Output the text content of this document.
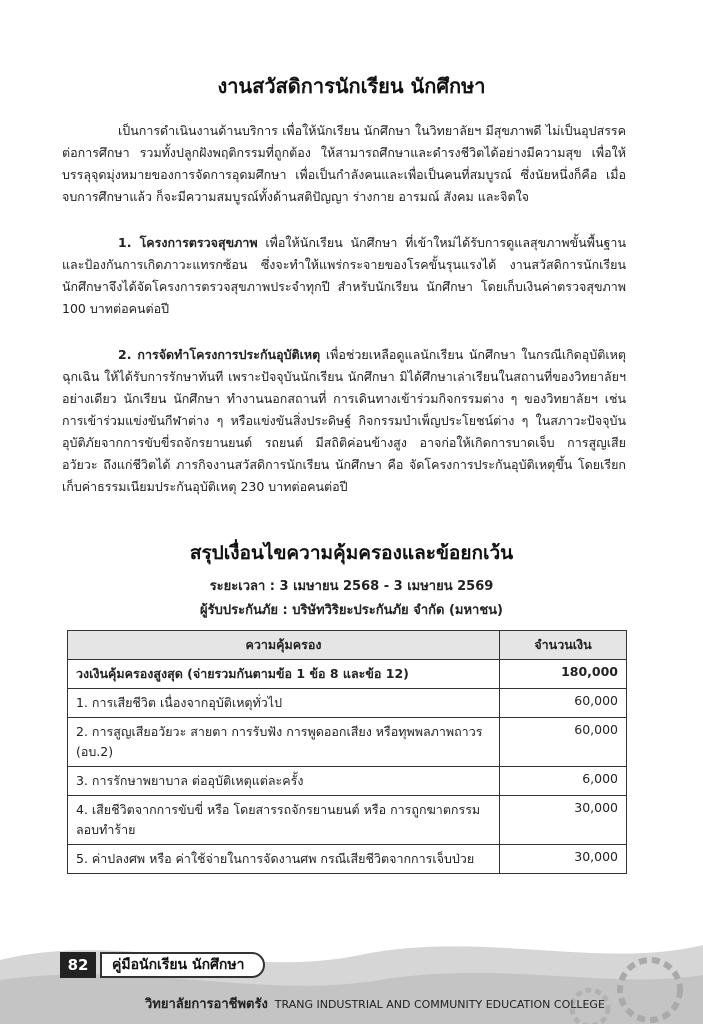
งานสวัสดิการนักเรียน นักศึกษา

เป็นการดำเนินงานด้านบริการ เพื่อให้นักเรียน นักศึกษา ในวิทยาลัยฯ มีสุขภาพดี ไม่เป็นอุปสรรคต่อการศึกษา รวมทั้งปลูกฝังพฤติกรรมที่ถูกต้อง ให้สามารถศึกษาและดำรงชีวิตได้อย่างมีความสุข เพื่อให้บรรลุจุดมุ่งหมายของการจัดการอุดมศึกษา เพื่อเป็นกำลังคนและเพื่อเป็นคนที่สมบูรณ์ ซึ่งนัยหนึ่งก็คือ เมื่อจบการศึกษาแล้ว ก็จะมีความสมบูรณ์ทั้งด้านสติปัญญา ร่างกาย อารมณ์ สังคม และจิตใจ

1. โครงการตรวจสุขภาพ เพื่อให้นักเรียน นักศึกษา ที่เข้าใหม่ได้รับการดูแลสุขภาพขั้นพื้นฐาน และป้องกันการเกิดภาวะแทรกซ้อน ซึ่งจะทำให้แพร่กระจายของโรคขั้นรุนแรงได้ งานสวัสดิการนักเรียนนักศึกษาจึงได้จัดโครงการตรวจสุขภาพประจำทุกปี สำหรับนักเรียน นักศึกษา โดยเก็บเงินค่าตรวจสุขภาพ 100 บาทต่อคนต่อปี

2. การจัดทำโครงการประกันอุบัติเหตุ เพื่อช่วยเหลือดูแลนักเรียน นักศึกษา ในกรณีเกิดอุบัติเหตุฉุกเฉิน ให้ได้รับการรักษาทันที เพราะปัจจุบันนักเรียน นักศึกษา มิได้ศึกษาเล่าเรียนในสถานที่ของวิทยาลัยฯ อย่างเดียว นักเรียน นักศึกษา ทำงานนอกสถานที่ การเดินทางเข้าร่วมกิจกรรมต่าง ๆ ของวิทยาลัยฯ เช่น การเข้าร่วมแข่งขันกีฬาต่าง ๆ หรือแข่งขันสิ่งประดิษฐ์ กิจกรรมบำเพ็ญประโยชน์ต่าง ๆ ในสภาวะปัจจุบันอุบัติภัยจากการขับขี่รถจักรยานยนต์ รถยนต์ มีสถิติค่อนข้างสูง อาจก่อให้เกิดการบาดเจ็บ การสูญเสียอวัยวะ ถึงแก่ชีวิตได้ ภารกิจงานสวัสดิการนักเรียน นักศึกษา คือ จัดโครงการประกันอุบัติเหตุขึ้น โดยเรียกเก็บค่าธรรมเนียมประกันอุบัติเหตุ 230 บาทต่อคนต่อปี

สรุปเงื่อนไขความคุ้มครองและข้อยกเว้น
ระยะเวลา : 3 เมษายน 2568 - 3 เมษายน 2569
ผู้รับประกันภัย : บริษัทวิริยะประกันภัย จำกัด (มหาชน)
ความคุ้มครอง	จำนวนเงิน
วงเงินคุ้มครองสูงสุด (จ่ายรวมกันตามข้อ 1 ข้อ 8 และข้อ 12)	180,000
1. การเสียชีวิต เนื่องจากอุบัติเหตุทั่วไป	60,000
2. การสูญเสียอวัยวะ สายตา การรับฟัง การพูดออกเสียง หรือทุพพลภาพถาวร (อบ.2)	60,000
3. การรักษาพยาบาล ต่ออุบัติเหตุแต่ละครั้ง	6,000
4. เสียชีวิตจากการขับขี่ หรือ โดยสารรถจักรยานยนต์ หรือ การถูกฆาตกรรมลอบทำร้าย	30,000
5. ค่าปลงศพ หรือ ค่าใช้จ่ายในการจัดงานศพ กรณีเสียชีวิตจากการเจ็บป่วย	30,000
82	คู่มือนักเรียน นักศึกษา
วิทยาลัยการอาชีพตรัง TRANG INDUSTRIAL AND COMMUNITY EDUCATION COLLEGE
